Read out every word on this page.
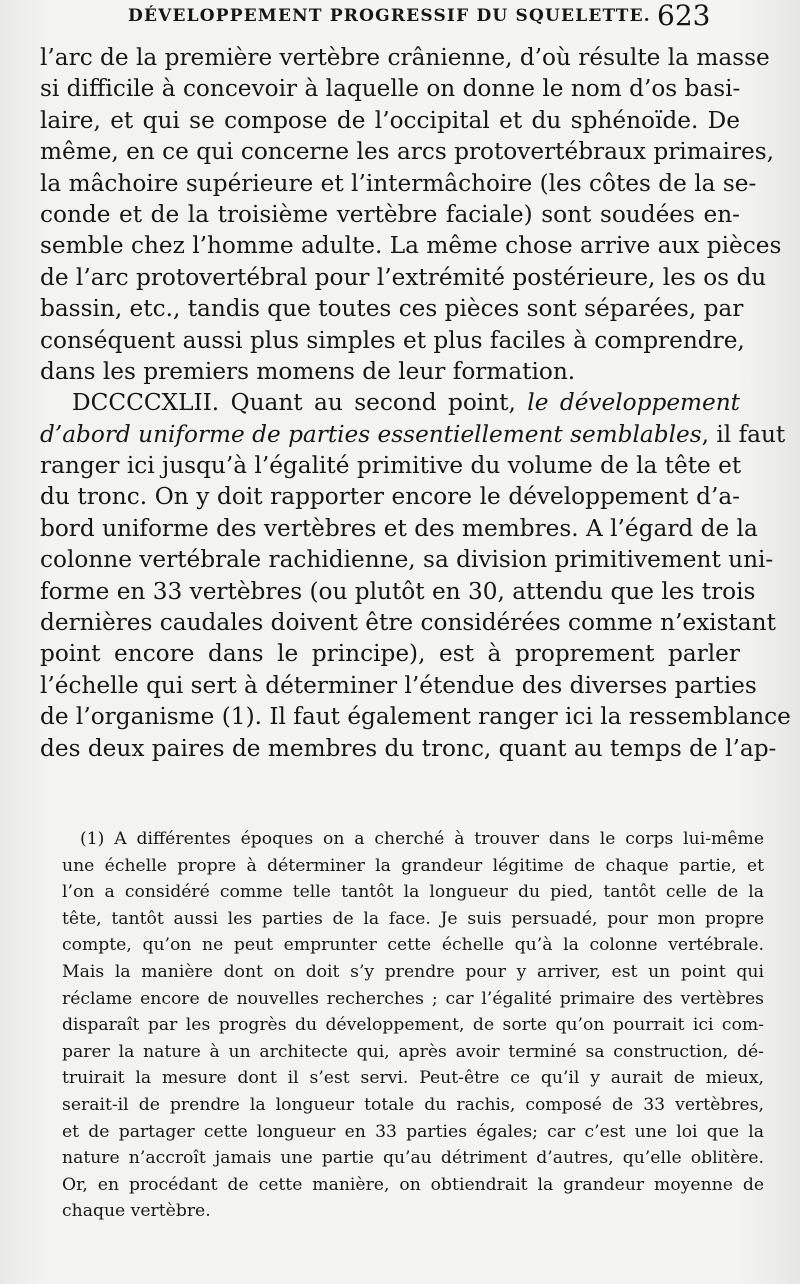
DÉVELOPPEMENT PROGRESSIF DU SQUELETTE. 623
l’arc de la première vertèbre crânienne, d’où résulte la masse
si difficile à concevoir à laquelle on donne le nom d’os basi-
laire, et qui se compose de l’occipital et du sphénoïde. De
même, en ce qui concerne les arcs protovertébraux primaires,
la mâchoire supérieure et l’intermâchoire (les côtes de la se-
conde et de la troisième vertèbre faciale) sont soudées en-
semble chez l’homme adulte. La même chose arrive aux pièces
de l’arc protovertébral pour l’extrémité postérieure, les os du
bassin, etc., tandis que toutes ces pièces sont séparées, par
conséquent aussi plus simples et plus faciles à comprendre,
dans les premiers momens de leur formation.
DCCCCXLII. Quant au second point, le développement
d’abord uniforme de parties essentiellement semblables, il faut
ranger ici jusqu’à l’égalité primitive du volume de la tête et
du tronc. On y doit rapporter encore le développement d’a-
bord uniforme des vertèbres et des membres. A l’égard de la
colonne vertébrale rachidienne, sa division primitivement uni-
forme en 33 vertèbres (ou plutôt en 30, attendu que les trois
dernières caudales doivent être considérées comme n’existant
point encore dans le principe), est à proprement parler
l’échelle qui sert à déterminer l’étendue des diverses parties
de l’organisme (1). Il faut également ranger ici la ressemblance
des deux paires de membres du tronc, quant au temps de l’ap-
(1) A différentes époques on a cherché à trouver dans le corps lui-même
une échelle propre à déterminer la grandeur légitime de chaque partie, et
l’on a considéré comme telle tantôt la longueur du pied, tantôt celle de la
tête, tantôt aussi les parties de la face. Je suis persuadé, pour mon propre
compte, qu’on ne peut emprunter cette échelle qu’à la colonne vertébrale.
Mais la manière dont on doit s’y prendre pour y arriver, est un point qui
réclame encore de nouvelles recherches ; car l’égalité primaire des vertèbres
disparaît par les progrès du développement, de sorte qu’on pourrait ici com-
parer la nature à un architecte qui, après avoir terminé sa construction, dé-
truirait la mesure dont il s’est servi. Peut-être ce qu’il y aurait de mieux,
serait-il de prendre la longueur totale du rachis, composé de 33 vertèbres,
et de partager cette longueur en 33 parties égales; car c’est une loi que la
nature n’accroît jamais une partie qu’au détriment d’autres, qu’elle oblitère.
Or, en procédant de cette manière, on obtiendrait la grandeur moyenne de
chaque vertèbre.
